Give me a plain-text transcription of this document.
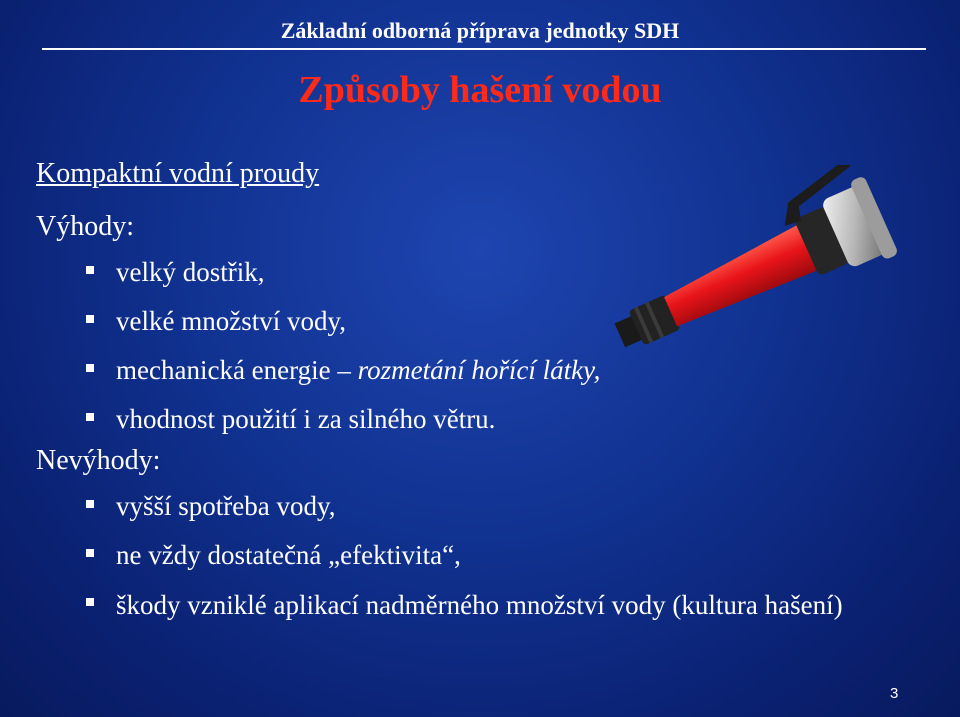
Základní odborná příprava jednotky SDH
Způsoby hašení vodou
Kompaktní vodní proudy
Výhody:
velký dostřik,
velké množství vody,
mechanická energie – rozmetání hořící látky,
vhodnost použití i za silného větru.
Nevýhody:
vyšší spotřeba vody,
ne vždy dostatečná „efektivita“,
škody vzniklé aplikací nadměrného množství vody (kultura hašení)
3
